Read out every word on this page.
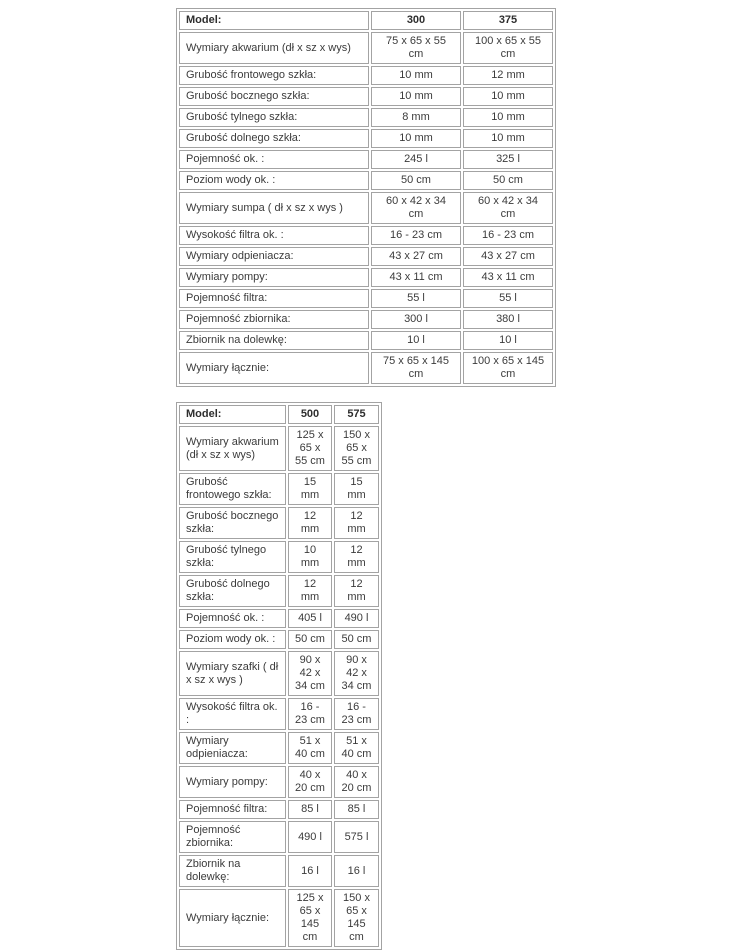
Model:	300	375
Wymiary akwarium (dł x sz x wys)	75 x 65 x 55 cm	100 x 65 x 55 cm
Grubość frontowego szkła:	10 mm	12 mm
Grubość bocznego szkła:	10 mm	10 mm
Grubość tylnego szkła:	8 mm	10 mm
Grubość dolnego szkła:	10 mm	10 mm
Pojemność ok. :	245 l	325 l
Poziom wody ok. :	50 cm	50 cm
Wymiary sumpa ( dł x sz x wys )	60 x 42 x 34 cm	60 x 42 x 34 cm
Wysokość filtra ok. :	16 - 23 cm	16 - 23 cm
Wymiary odpieniacza:	43 x 27 cm	43 x 27 cm
Wymiary pompy:	43 x 11 cm	43 x 11 cm
Pojemność filtra:	55 l	55 l
Pojemność zbiornika:	300 l	380 l
Zbiornik na dolewkę:	10 l	10 l
Wymiary łącznie:	75 x 65 x 145 cm	100 x 65 x 145 cm
Model:	500	575
Wymiary akwarium (dł x sz x wys)	125 x 65 x 55 cm	150 x 65 x 55 cm
Grubość frontowego szkła:	15 mm	15 mm
Grubość bocznego szkła:	12 mm	12 mm
Grubość tylnego szkła:	10 mm	12 mm
Grubość dolnego szkła:	12 mm	12 mm
Pojemność ok. :	405 l	490 l
Poziom wody ok. :	50 cm	50 cm
Wymiary szafki ( dł x sz x wys )	90 x 42 x 34 cm	90 x 42 x 34 cm
Wysokość filtra ok. :	16 - 23 cm	16 - 23 cm
Wymiary odpieniacza:	51 x 40 cm	51 x 40 cm
Wymiary pompy:	40 x 20 cm	40 x 20 cm
Pojemność filtra:	85 l	85 l
Pojemność zbiornika:	490 l	575 l
Zbiornik na dolewkę:	16 l	16 l
Wymiary łącznie:	125 x 65 x 145 cm	150 x 65 x 145 cm
